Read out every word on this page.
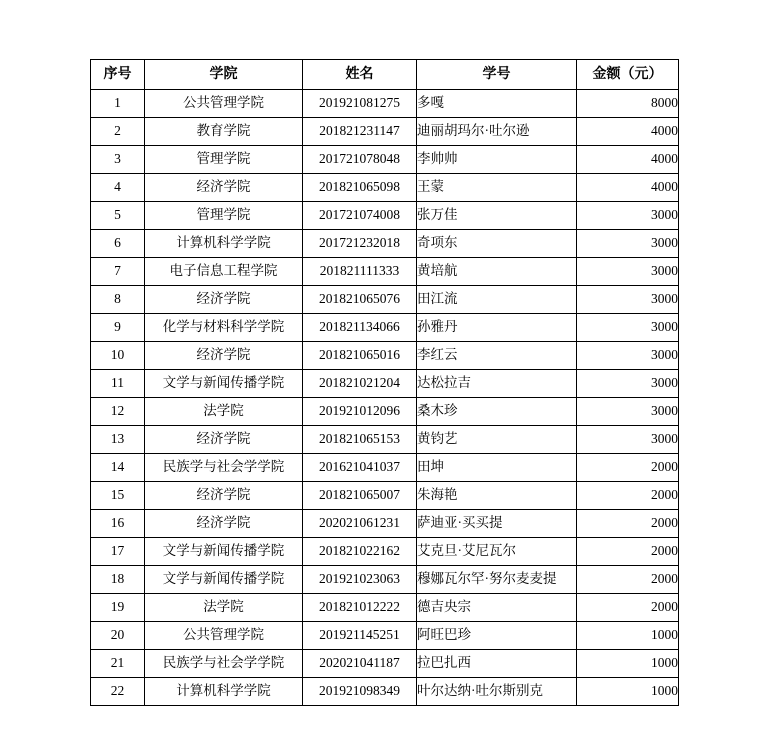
序号	学院	姓名	学号	金额（元）
1	公共管理学院	201921081275	多嘎	8000
2	教育学院	201821231147	迪丽胡玛尔·吐尔逊	4000
3	管理学院	201721078048	李帅帅	4000
4	经济学院	201821065098	王蒙	4000
5	管理学院	201721074008	张万佳	3000
6	计算机科学学院	201721232018	奇项东	3000
7	电子信息工程学院	201821111333	黄培航	3000
8	经济学院	201821065076	田江流	3000
9	化学与材料科学学院	201821134066	孙雅丹	3000
10	经济学院	201821065016	李红云	3000
11	文学与新闻传播学院	201821021204	达松拉吉	3000
12	法学院	201921012096	桑木珍	3000
13	经济学院	201821065153	黄钧艺	3000
14	民族学与社会学学院	201621041037	田坤	2000
15	经济学院	201821065007	朱海艳	2000
16	经济学院	202021061231	萨迪亚·买买提	2000
17	文学与新闻传播学院	201821022162	艾克旦·艾尼瓦尔	2000
18	文学与新闻传播学院	201921023063	穆娜瓦尔罕·努尔麦麦提	2000
19	法学院	201821012222	德吉央宗	2000
20	公共管理学院	201921145251	阿旺巴珍	1000
21	民族学与社会学学院	202021041187	拉巴扎西	1000
22	计算机科学学院	201921098349	叶尔达纳·吐尔斯别克	1000
